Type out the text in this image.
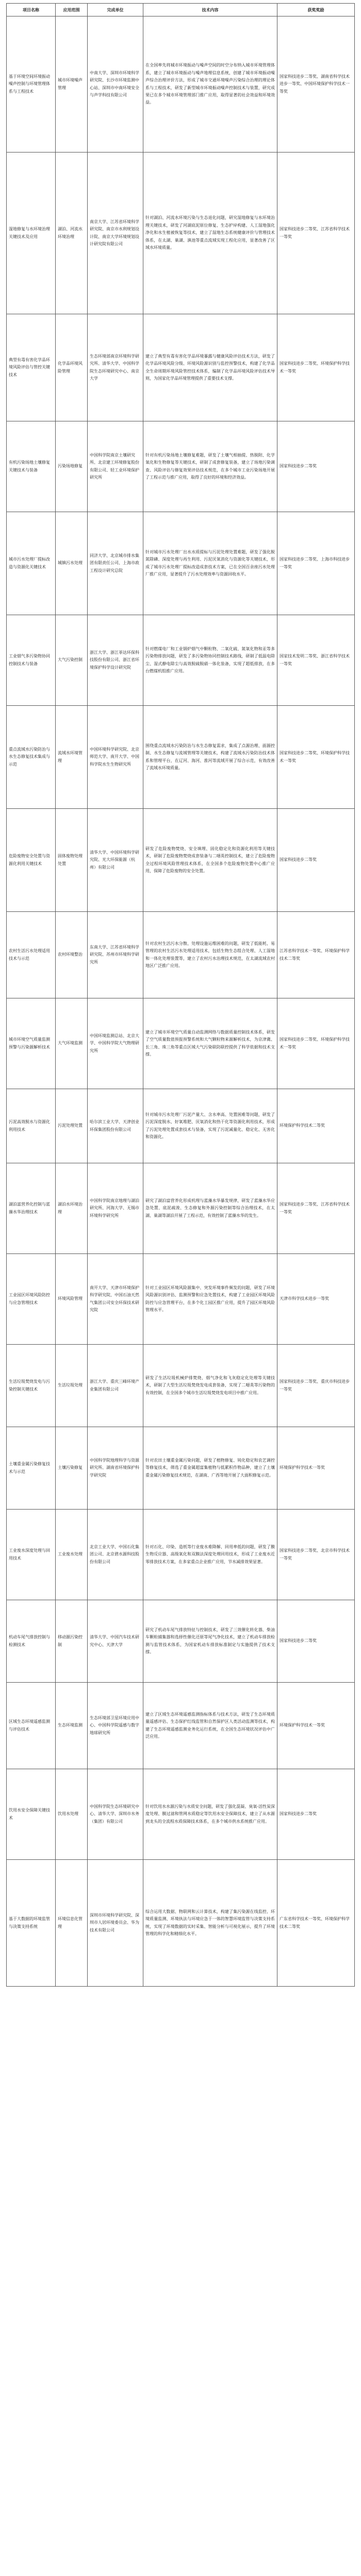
项目名称	应用范围	完成单位	技术内容	获奖奖励
基于环境空间环境振动噪声控制与环境管理体系与工程技术	城市环境噪声管理	中南大学、深圳市环境科学研究院、长沙市环境监测中心站、深圳市中南环境安全与声学科技有限公司	在全国率先将城市环境振动与噪声空间的时空分布纳入城市环境管理体系，建立了城市环境振动与噪声地理信息系统，创建了城市环境振动噪声综合治理评价方法，形成了城市交通环境噪声污染综合治理的理论体系与工程技术，研发了新型城市环境振动噪声控制技术与装置，研究成果已在多个城市环境管理部门推广应用，取得显著的社会效益和环境效益。	国家科技进步二等奖、湖南省科学技术进步一等奖、中国环境保护科学技术一等奖
湿地修复与水环境治理关键技术及应用	湖泊、河流水环境治理	南京大学、江苏省环境科学研究院、南京市水利规划设计院、南京大学环境规划设计研究院有限公司	针对湖泊、河流水环境污染与生态退化问题，研究湿地修复与水环境治理关键技术，研发了河湖底泥原位修复、生态护岸构建、人工湿地强化净化和水生植被恢复等技术，建立了湿地生态系统健康评价与管理技术体系，在太湖、巢湖、滇池等重点流域实现工程化应用，显著改善了区域水环境质量。	国家科技进步二等奖、江苏省科学技术一等奖
典型有毒有害化学品环境风险评估与管控关键技术	化学品环境风险管理	生态环境部南京环境科学研究所、清华大学、中国科学院生态环境研究中心、南京大学	建立了典型有毒有害化学品环境暴露与健康风险评估技术方法，研发了化学品环境风险分级、环境风险源识别与监控预警技术，构建了化学品全生命周期环境风险管控技术体系，编制了化学品环境风险评估技术导则，为国家化学品环境管理提供了重要技术支撑。	国家科技进步二等奖、环境保护科学技术一等奖
有机污染场地土壤修复关键技术与装备	污染场地修复	中国科学院南京土壤研究所、北京建工环境修复股份有限公司、轻工业环境保护研究所	针对有机污染场地土壤修复难题，研发了土壤气相抽提、热脱附、化学氧化和生物修复等关键技术，研制了成套修复装备，建立了场地污染调查、风险评估与修复效果评估技术规范，在多个城市工业污染场地开展了工程示范与推广应用，取得了良好的环境和经济效益。	国家科技进步二等奖
城市污水处理厂提标改造与资源化关键技术	城镇污水处理	同济大学、北京城市排水集团有限责任公司、上海市政工程设计研究总院	针对城市污水处理厂出水水质提标与污泥处理处置难题，研发了强化脱氮除磷、深度处理与再生利用、污泥厌氧消化与资源化等关键技术，形成了城市污水处理厂提标改造成套技术方案，已在全国百余座污水处理厂推广应用，显著提升了污水处理效率与资源回收水平。	国家科技进步二等奖、上海市科技进步一等奖
工业烟气多污染物协同控制技术与装备	大气污染控制	浙江大学、浙江菲达环保科技股份有限公司、浙江省环境保护科学设计研究院	针对燃煤电厂和工业锅炉烟气中颗粒物、二氧化硫、氮氧化物和汞等多污染物排放问题，研发了多污染物协同控制技术路线，研制了低温电除尘、湿式静电除尘与高效脱硫脱硝一体化装备，实现了超低排放，在多台燃煤机组推广应用。	国家技术发明二等奖、浙江省科学技术一等奖
重点流域水污染防治与水生态修复技术集成与示范	流域水环境管理	中国环境科学研究院、北京师范大学、南开大学、中国科学院水生生物研究所	围绕重点流域水污染防治与水生态修复需求，集成了点源治理、面源控制、水生态修复与流域管理等关键技术，构建了流域水污染防治技术体系和管理平台，在辽河、海河、淮河等流域开展了综合示范，有效改善了流域水环境质量。	国家科技进步二等奖、环境保护科学技术一等奖
危险废物安全处置与资源化利用关键技术	固体废物处理处置	清华大学、中国环境科学研究院、光大环保能源（杭州）有限公司	研发了危险废物焚烧、安全填埋、固化稳定化和资源化利用等关键技术，研制了危险废物焚烧成套装备与二噁英控制技术，建立了危险废物全过程环境风险管理技术体系，在全国多个危险废物处置中心推广应用，保障了危险废物的安全处置。	国家科技进步二等奖
农村生活污水处理适用技术与示范	农村环境整治	东南大学、江苏省环境科学研究院、苏州市环境科学研究所	针对农村生活污水分散、处理设施运维困难的问题，研发了低能耗、易管理的农村生活污水处理适用技术，包括生物生态组合处理、人工湿地和一体化处理装置等，建立了农村污水治理技术规范，在太湖流域农村地区广泛推广应用。	江苏省科学技术一等奖、环境保护科学技术二等奖
城市环境空气质量监测预警与污染源解析技术	大气环境监测	中国环境监测总站、北京大学、中国科学院大气物理研究所	建立了城市环境空气质量自动监测网络与数据质量控制技术体系，研发了空气质量数值预报预警系统和大气颗粒物来源解析技术，为京津冀、长三角、珠三角等重点区域大气污染联防联控提供了科学依据和技术支撑。	国家科技进步二等奖、环境保护科学技术一等奖
污泥高效脱水与资源化利用技术	污泥处理处置	哈尔滨工业大学、天津创业环保集团股份有限公司	针对城市污水处理厂污泥产量大、含水率高、处置困难等问题，研发了污泥深度脱水、好氧堆肥、厌氧消化和热干化等资源化利用技术，形成了污泥处理处置成套技术与装备，实现了污泥减量化、稳定化、无害化和资源化。	环境保护科学技术二等奖
湖泊富营养化控制与蓝藻水华治理技术	湖泊水环境治理	中国科学院南京地理与湖泊研究所、河海大学、无锡市环境科学研究所	研究了湖泊富营养化形成机理与蓝藻水华暴发规律，研发了蓝藻水华应急处置、底泥疏浚、生态修复和外源污染控制等综合治理技术，在太湖、巢湖等湖泊开展了工程示范，有效控制了蓝藻水华的发生。	国家科技进步二等奖、江苏省科学技术一等奖
工业园区环境风险防控与应急管理技术	环境风险管理	南开大学、天津市环境保护科学研究院、中国石油天然气集团公司安全环保技术研究院	针对工业园区环境风险源集中、突发环境事件频发的问题，研发了环境风险源识别评估、监测预警和应急处置技术，构建了工业园区环境风险防控与应急管理平台，在多个化工园区推广应用，提升了园区环境风险管理水平。	天津市科学技术进步一等奖
生活垃圾焚烧发电与污染控制关键技术	生活垃圾处理	浙江大学、重庆三峰环境产业集团有限公司	研发了生活垃圾机械炉排焚烧、烟气净化和飞灰稳定化处理等关键技术，研制了大型生活垃圾焚烧发电成套装备，实现了二噁英等污染物的有效控制，在全国多个城市生活垃圾焚烧发电项目中推广应用。	国家科技进步二等奖、重庆市科技进步一等奖
土壤重金属污染修复技术与示范	土壤污染修复	中国科学院地理科学与资源研究所、湖南省环境保护科学研究院	针对农田土壤重金属污染问题，研发了植物修复、钝化稳定和农艺调控等修复技术，筛选了重金属超富集植物与低累积作物品种，建立了土壤重金属污染修复技术规范，在湖南、广西等地开展了大面积修复示范。	环境保护科学技术一等奖
工业废水深度处理与回用技术	工业废水处理	北京工业大学、中国石化集团公司、北京碧水源科技股份有限公司	针对石化、印染、造纸等行业废水难降解、回用率低的问题，研发了膜生物反应器、高级氧化和双膜法深度处理回用技术，形成了工业废水近零排放技术方案，在多家重点企业推广应用，节水减排效果显著。	国家科技进步二等奖、北京市科学技术一等奖
机动车尾气排放控制与检测技术	移动源污染控制	清华大学、中国汽车技术研究中心、天津大学	研究了机动车尾气排放特征与控制技术，研发了三效催化转化器、柴油车颗粒捕集器和选择性催化还原等尾气净化技术，建立了机动车排放检测与监管技术体系，为国家机动车排放标准制定与实施提供了技术支撑。	国家科技进步二等奖
区域生态环境遥感监测与评估技术	生态环境监测	生态环境部卫星环境应用中心、中国科学院遥感与数字地球研究所	建立了区域生态环境遥感监测指标体系与技术方法，研发了生态环境质量遥感评估、生态保护红线监管和自然保护区人类活动监测等技术，构建了生态环境遥感监测业务化运行系统，在全国生态环境状况评估中广泛应用。	环境保护科学技术一等奖
饮用水安全保障关键技术	饮用水处理	中国科学院生态环境研究中心、清华大学、深圳市水务（集团）有限公司	针对饮用水水源污染与水质安全问题，研发了强化混凝、臭氧-活性炭深度处理、膜过滤和管网水质稳定等饮用水安全保障技术，建立了从水源到龙头的全流程水质保障技术体系，在多个城市供水系统推广应用。	国家科技进步二等奖
基于大数据的环境监管与决策支持系统	环境信息化管理	深圳市环境科学研究院、深圳市人居环境委员会、华为技术有限公司	综合运用大数据、物联网和云计算技术，构建了集污染源在线监控、环境质量监测、环境执法与环境应急于一体的智慧环境监管与决策支持系统，实现了环境数据的实时采集、智能分析与可视化展示，提升了环境管理的科学化和精细化水平。	广东省科学技术一等奖、环境保护科学技术二等奖
